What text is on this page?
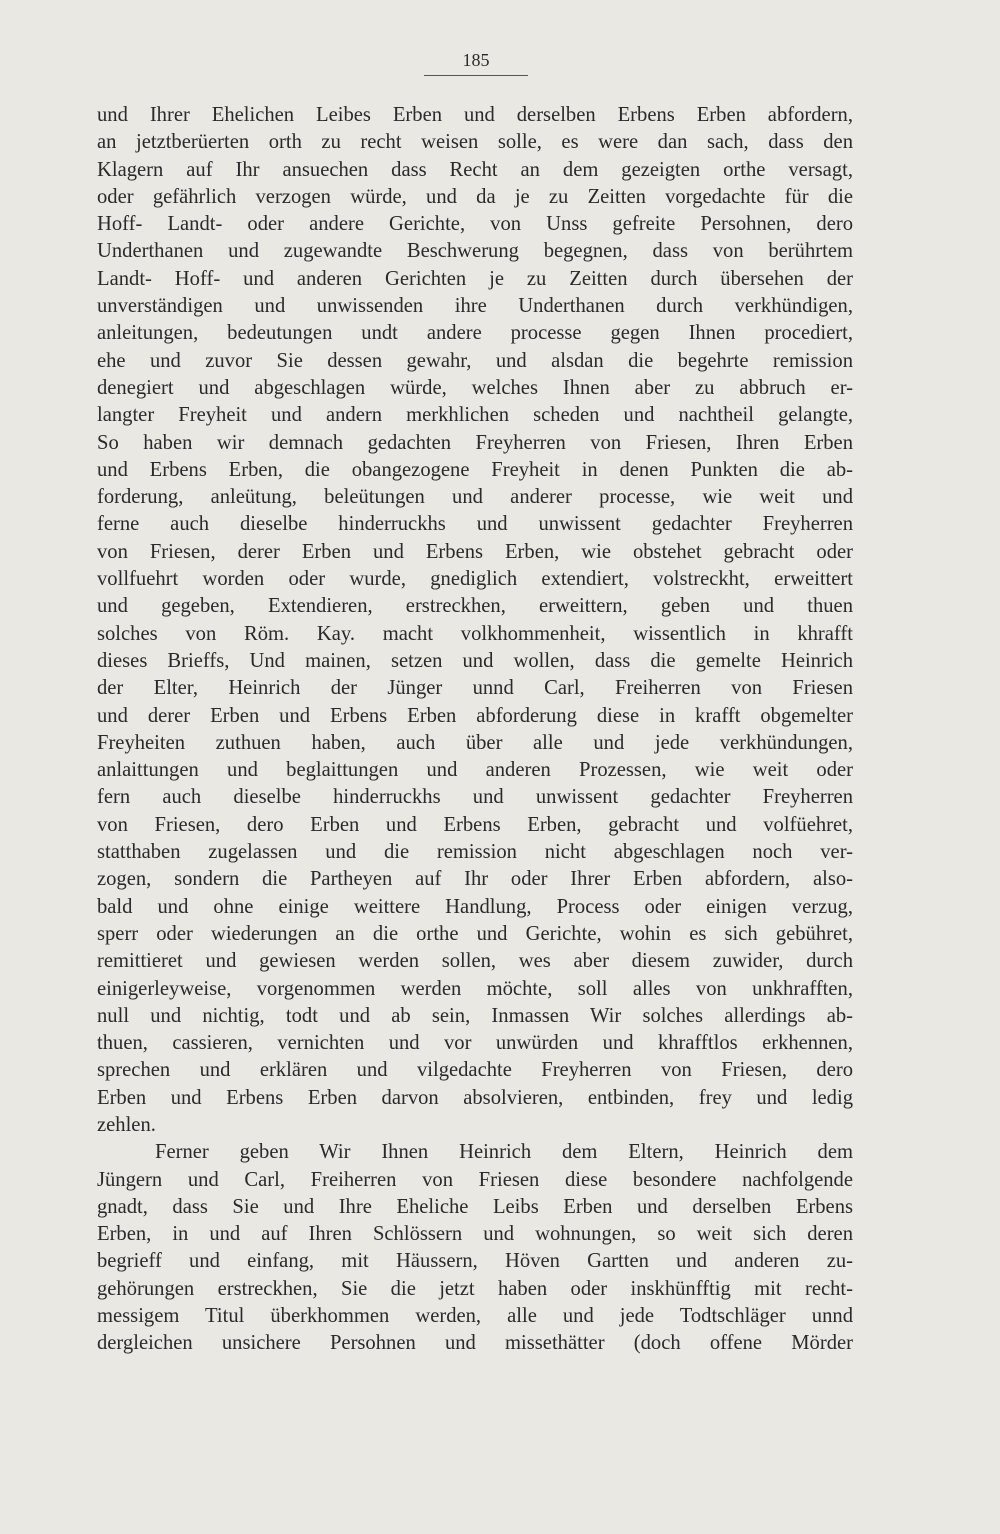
185
und Ihrer Ehelichen Leibes Erben und derselben Erbens Erben abfordern,
an jetztberüerten orth zu recht weisen solle, es were dan sach, dass den
Klagern auf Ihr ansuechen dass Recht an dem gezeigten orthe versagt,
oder gefährlich verzogen würde, und da je zu Zeitten vorgedachte für die
Hoff- Landt- oder andere Gerichte, von Unss gefreite Persohnen, dero
Underthanen und zugewandte Beschwerung begegnen, dass von berührtem
Landt- Hoff- und anderen Gerichten je zu Zeitten durch übersehen der
unverständigen und unwissenden ihre Underthanen durch verkhündigen,
anleitungen, bedeutungen undt andere processe gegen Ihnen procediert,
ehe und zuvor Sie dessen gewahr, und alsdan die begehrte remission
denegiert und abgeschlagen würde, welches Ihnen aber zu abbruch er-
langter Freyheit und andern merkhlichen scheden und nachtheil gelangte,
So haben wir demnach gedachten Freyherren von Friesen, Ihren Erben
und Erbens Erben, die obangezogene Freyheit in denen Punkten die ab-
forderung, anleütung, beleütungen und anderer processe, wie weit und
ferne auch dieselbe hinderruckhs und unwissent gedachter Freyherren
von Friesen, derer Erben und Erbens Erben, wie obstehet gebracht oder
vollfuehrt worden oder wurde, gnediglich extendiert, volstreckht, erweittert
und gegeben, Extendieren, erstreckhen, erweittern, geben und thuen
solches von Röm. Kay. macht volkhommenheit, wissentlich in khrafft
dieses Brieffs, Und mainen, setzen und wollen, dass die gemelte Heinrich
der Elter, Heinrich der Jünger unnd Carl, Freiherren von Friesen
und derer Erben und Erbens Erben abforderung diese in krafft obgemelter
Freyheiten zuthuen haben, auch über alle und jede verkhündungen,
anlaittungen und beglaittungen und anderen Prozessen, wie weit oder
fern auch dieselbe hinderruckhs und unwissent gedachter Freyherren
von Friesen, dero Erben und Erbens Erben, gebracht und volfüehret,
statthaben zugelassen und die remission nicht abgeschlagen noch ver-
zogen, sondern die Partheyen auf Ihr oder Ihrer Erben abfordern, alsо-
bald und ohne einige weittere Handlung, Process oder einigen verzug,
sperr oder wiederungen an die orthe und Gerichte, wohin es sich gebühret,
remittieret und gewiesen werden sollen, wes aber diesem zuwider, durch
einigerleyweise, vorgenommen werden möchte, soll alles von unkhrafften,
null und nichtig, todt und ab sein, Inmassen Wir solches allerdings ab-
thuen, cassieren, vernichten und vor unwürden und khrafftlos erkhennen,
sprechen und erklären und vilgedachte Freyherren von Friesen, dero
Erben und Erbens Erben darvon absolvieren, entbinden, frey und ledig
zehlen.
Ferner geben Wir Ihnen Heinrich dem Eltern, Heinrich dem
Jüngern und Carl, Freiherren von Friesen diese besondere nachfolgende
gnadt, dass Sie und Ihre Eheliche Leibs Erben und derselben Erbens
Erben, in und auf Ihren Schlössern und wohnungen, so weit sich deren
begrieff und einfang, mit Häussern, Höven Gartten und anderen zu-
gehörungen erstreckhen, Sie die jetzt haben oder inskhünfftig mit recht-
messigem Titul überkhommen werden, alle und jede Todtschläger unnd
dergleichen unsichere Persohnen und missethätter (doch offene Mörder
